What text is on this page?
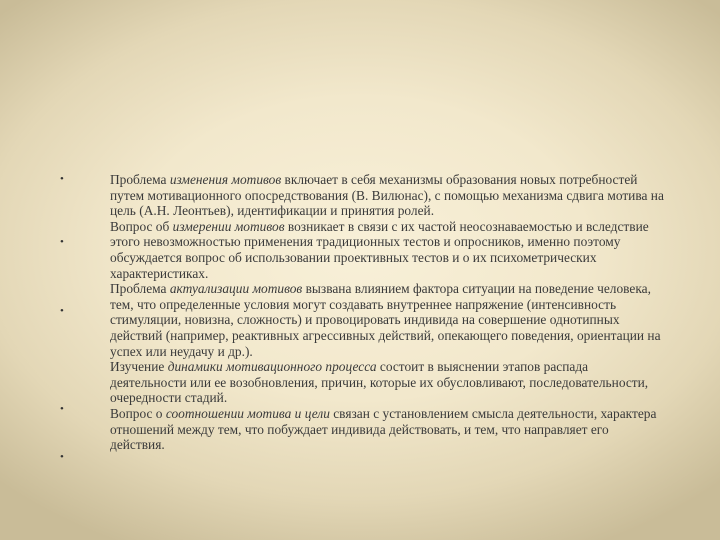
•
•
•
•
•

Проблема изменения мотивов включает в себя механизмы образования новых потребностей путем мотивационного опосредствования (В. Вилюнас), с помощью механизма сдвига мотива на цель (А.Н. Леонтьев), идентификации и принятия ролей.

Вопрос об измерении мотивов возникает в связи с их частой неосознаваемостью и вследствие этого невозможностью применения традиционных тестов и опросников, именно поэтому обсуждается вопрос об использовании проективных тестов и о их психометрических характеристиках.

Проблема актуализации мотивов вызвана влиянием фактора ситуации на поведение человека, тем, что определенные условия могут создавать внутреннее напряжение (интенсивность стимуляции, новизна, сложность) и провоцировать индивида на совершение однотипных действий (например, реактивных агрессивных действий, опекающего поведения, ориентации на успех или неудачу и др.).

Изучение динамики мотивационного процесса состоит в выяснении этапов распада деятельности или ее возобновления, причин, которые их обусловливают, последовательности, очередности стадий.

Вопрос о соотношении мотива и цели связан с установлением смысла деятельности, характера отношений между тем, что побуждает индивида действовать, и тем, что направляет его действия.
